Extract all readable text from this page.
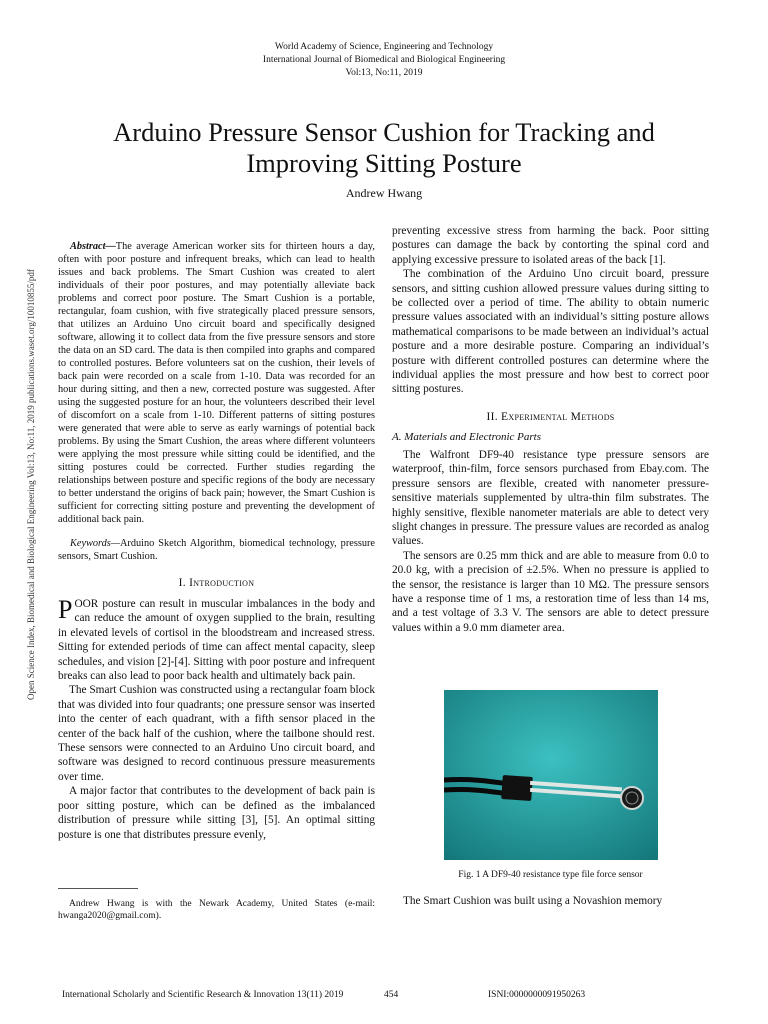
World Academy of Science, Engineering and Technology
International Journal of Biomedical and Biological Engineering
Vol:13, No:11, 2019
Arduino Pressure Sensor Cushion for Tracking and
Improving Sitting Posture
Andrew Hwang
Open Science Index, Biomedical and Biological Engineering Vol:13, No:11, 2019 publications.waset.org/10010855/pdf

Abstract—The average American worker sits for thirteen hours a day, often with poor posture and infrequent breaks, which can lead to health issues and back problems. The Smart Cushion was created to alert individuals of their poor postures, and may potentially alleviate back problems and correct poor posture. The Smart Cushion is a portable, rectangular, foam cushion, with five strategically placed pressure sensors, that utilizes an Arduino Uno circuit board and specifically designed software, allowing it to collect data from the five pressure sensors and store the data on an SD card. The data is then compiled into graphs and compared to controlled postures. Before volunteers sat on the cushion, their levels of back pain were recorded on a scale from 1-10. Data was recorded for an hour during sitting, and then a new, corrected posture was suggested. After using the suggested posture for an hour, the volunteers described their level of discomfort on a scale from 1-10. Different patterns of sitting postures were generated that were able to serve as early warnings of potential back problems. By using the Smart Cushion, the areas where different volunteers were applying the most pressure while sitting could be identified, and the sitting postures could be corrected. Further studies regarding the relationships between posture and specific regions of the body are necessary to better understand the origins of back pain; however, the Smart Cushion is sufficient for correcting sitting posture and preventing the development of additional back pain.

Keywords—Arduino Sketch Algorithm, biomedical technology, pressure sensors, Smart Cushion.

I. Introduction

POOR posture can result in muscular imbalances in the body and can reduce the amount of oxygen supplied to the brain, resulting in elevated levels of cortisol in the bloodstream and increased stress. Sitting for extended periods of time can affect mental capacity, sleep schedules, and vision [2]-[4]. Sitting with poor posture and infrequent breaks can also lead to poor back health and ultimately back pain.

The Smart Cushion was constructed using a rectangular foam block that was divided into four quadrants; one pressure sensor was inserted into the center of each quadrant, with a fifth sensor placed in the center of the back half of the cushion, where the tailbone should rest. These sensors were connected to an Arduino Uno circuit board, and software was designed to record continuous pressure measurements over time.

A major factor that contributes to the development of back pain is poor sitting posture, which can be defined as the imbalanced distribution of pressure while sitting [3], [5]. An optimal sitting posture is one that distributes pressure evenly,

Andrew Hwang is with the Newark Academy, United States (e-mail: hwanga2020@gmail.com).

preventing excessive stress from harming the back. Poor sitting postures can damage the back by contorting the spinal cord and applying excessive pressure to isolated areas of the back [1].

The combination of the Arduino Uno circuit board, pressure sensors, and sitting cushion allowed pressure values during sitting to be collected over a period of time. The ability to obtain numeric pressure values associated with an individual’s sitting posture allows mathematical comparisons to be made between an individual’s actual posture and a more desirable posture. Comparing an individual’s posture with different controlled postures can determine where the individual applies the most pressure and how best to correct poor sitting postures.

II. Experimental Methods
A. Materials and Electronic Parts

The Walfront DF9-40 resistance type pressure sensors are waterproof, thin-film, force sensors purchased from Ebay.com. The pressure sensors are flexible, created with nanometer pressure-sensitive materials supplemented by ultra-thin film substrates. The highly sensitive, flexible nanometer materials are able to detect very slight changes in pressure. The pressure values are recorded as analog values.

The sensors are 0.25 mm thick and are able to measure from 0.0 to 20.0 kg, with a precision of ±2.5%. When no pressure is applied to the sensor, the resistance is larger than 10 MΩ. The pressure sensors have a response time of 1 ms, a restoration time of less than 14 ms, and a test voltage of 3.3 V. The sensors are able to detect pressure values within a 9.0 mm diameter area.

Fig. 1 A DF9-40 resistance type file force sensor

The Smart Cushion was built using a Novashion memory

International Scholarly and Scientific Research & Innovation 13(11) 2019	454	ISNI:0000000091950263
